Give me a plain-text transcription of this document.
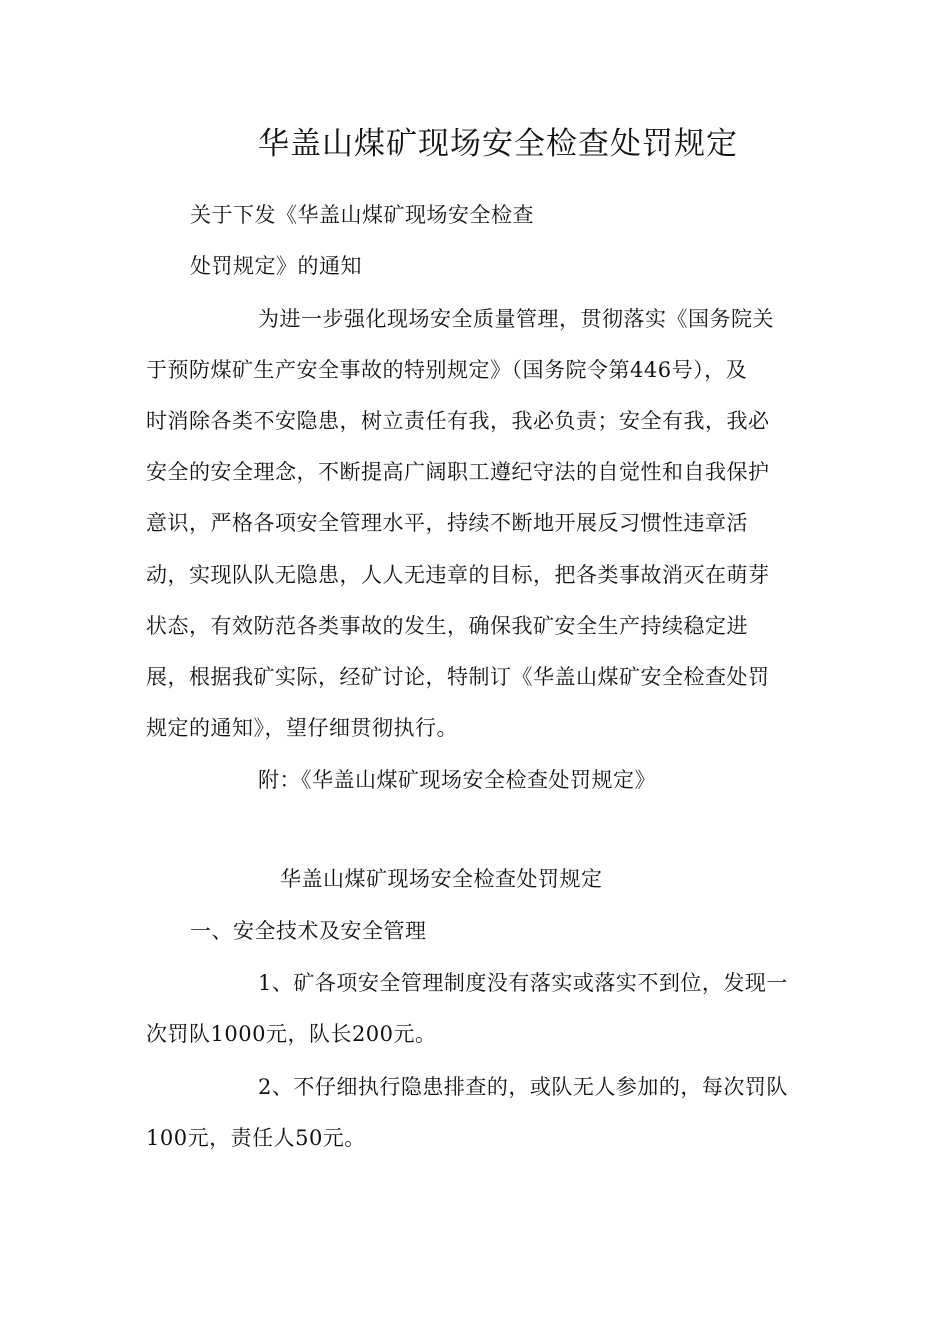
华盖山煤矿现场安全检查处罚规定
关于下发《华盖山煤矿现场安全检查
处罚规定》的通知
为进一步强化现场安全质量管理，贯彻落实《国务院关
于预防煤矿生产安全事故的特别规定》（国务院令第446号），及
时消除各类不安隐患，树立责任有我，我必负责；安全有我，我必
安全的安全理念，不断提高广阔职工遵纪守法的自觉性和自我保护
意识，严格各项安全管理水平，持续不断地开展反习惯性违章活
动，实现队队无隐患，人人无违章的目标，把各类事故消灭在萌芽
状态，有效防范各类事故的发生，确保我矿安全生产持续稳定进
展，根据我矿实际，经矿讨论，特制订《华盖山煤矿安全检查处罚
规定的通知》，望仔细贯彻执行。
附：《华盖山煤矿现场安全检查处罚规定》
华盖山煤矿现场安全检查处罚规定
一、安全技术及安全管理
1、矿各项安全管理制度没有落实或落实不到位，发现一
次罚队1000元，队长200元。
2、不仔细执行隐患排查的，或队无人参加的，每次罚队
100元，责任人50元。
